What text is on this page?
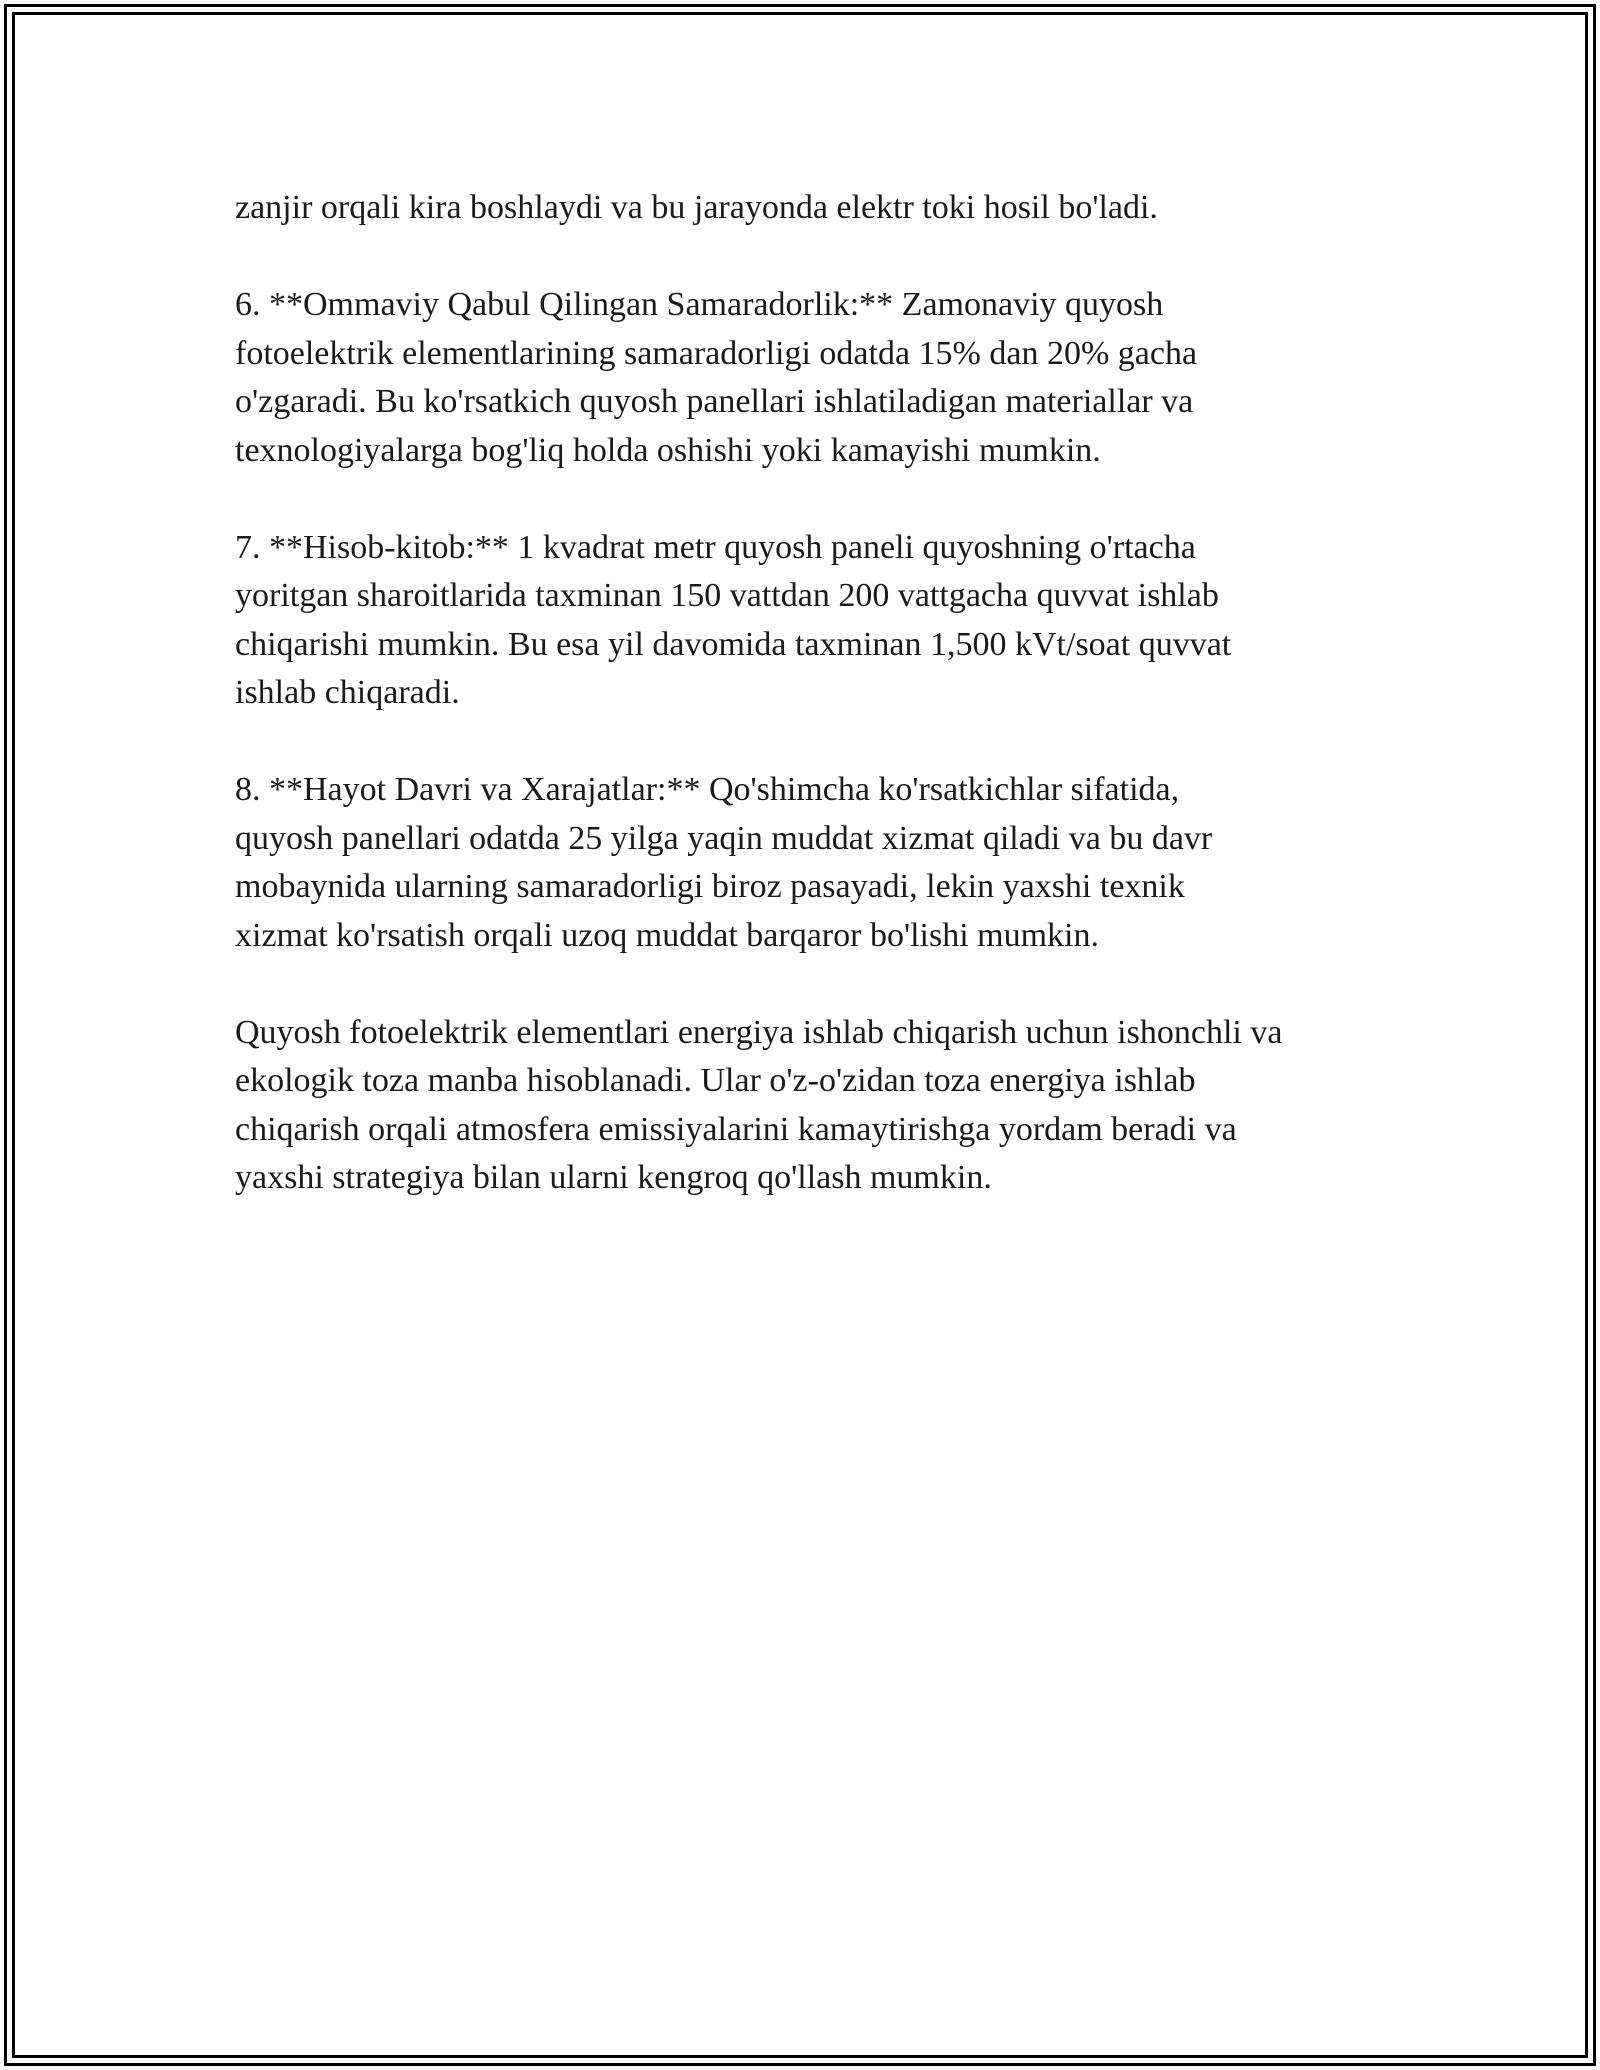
zanjir orqali kira boshlaydi va bu jarayonda elektr toki hosil bo'ladi.

6. **Ommaviy Qabul Qilingan Samaradorlik:** Zamonaviy quyosh
fotoelektrik elementlarining samaradorligi odatda 15% dan 20% gacha
o'zgaradi. Bu ko'rsatkich quyosh panellari ishlatiladigan materiallar va
texnologiyalarga bog'liq holda oshishi yoki kamayishi mumkin.

7. **Hisob-kitob:** 1 kvadrat metr quyosh paneli quyoshning o'rtacha
yoritgan sharoitlarida taxminan 150 vattdan 200 vattgacha quvvat ishlab
chiqarishi mumkin. Bu esa yil davomida taxminan 1,500 kVt/soat quvvat
ishlab chiqaradi.

8. **Hayot Davri va Xarajatlar:** Qo'shimcha ko'rsatkichlar sifatida,
quyosh panellari odatda 25 yilga yaqin muddat xizmat qiladi va bu davr
mobaynida ularning samaradorligi biroz pasayadi, lekin yaxshi texnik
xizmat ko'rsatish orqali uzoq muddat barqaror bo'lishi mumkin.

Quyosh fotoelektrik elementlari energiya ishlab chiqarish uchun ishonchli va
ekologik toza manba hisoblanadi. Ular o'z-o'zidan toza energiya ishlab
chiqarish orqali atmosfera emissiyalarini kamaytirishga yordam beradi va
yaxshi strategiya bilan ularni kengroq qo'llash mumkin.
